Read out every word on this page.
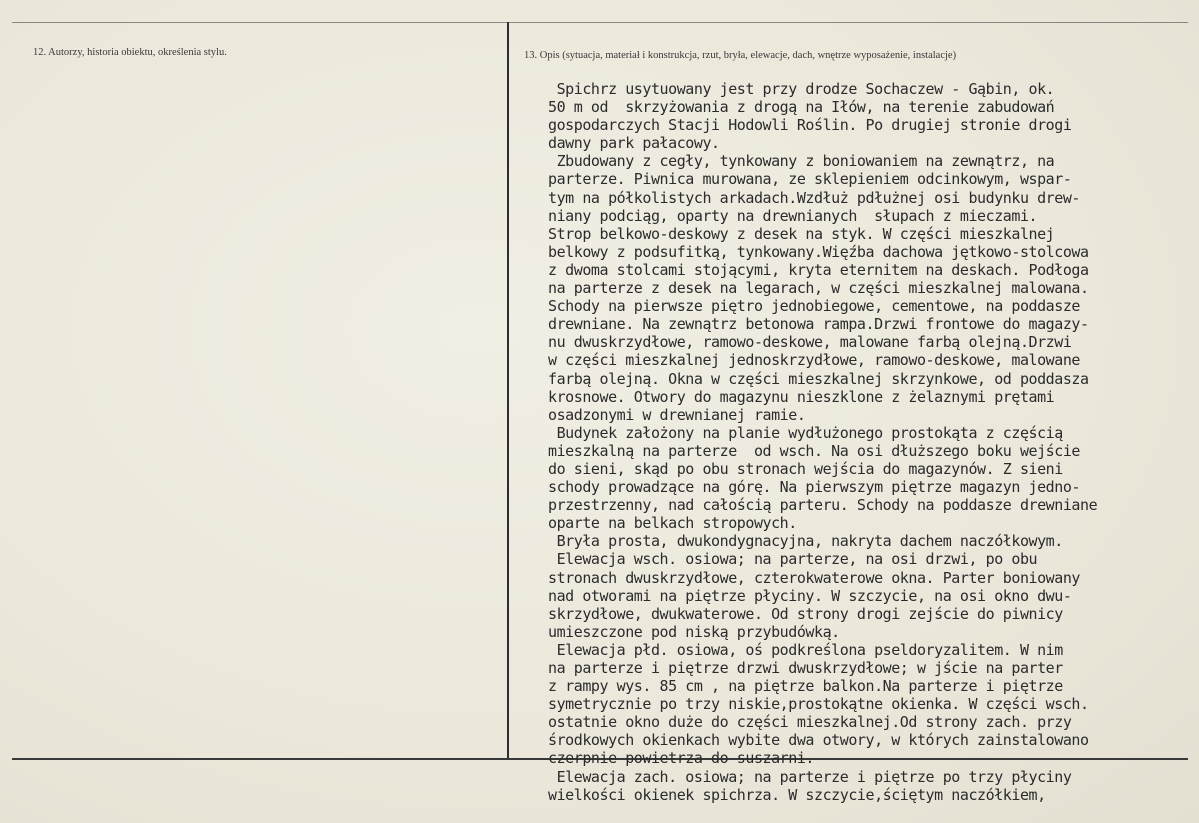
12. Autorzy, historia obiektu, określenia stylu.	13. Opis (sytuacja, materiał i konstrukcja, rzut, bryła, elewacje, dach, wnętrze wyposażenie, instalacje)
Spichrz usytuowany jest przy drodze Sochaczew - Gąbin, ok.
50 m od  skrzyżowania z drogą na Iłów, na terenie zabudowań
gospodarczych Stacji Hodowli Roślin. Po drugiej stronie drogi
dawny park pałacowy.
Zbudowany z cegły, tynkowany z boniowaniem na zewnątrz, na
parterze. Piwnica murowana, ze sklepieniem odcinkowym, wspar-
tym na półkolistych arkadach.Wzdłuż pdłużnej osi budynku drew-
niany podciąg, oparty na drewnianych  słupach z mieczami.
Strop belkowo-deskowy z desek na styk. W części mieszkalnej
belkowy z podsufitką, tynkowany.Więźba dachowa jętkowo-stolcowa
z dwoma stolcami stojącymi, kryta eternitem na deskach. Podłoga
na parterze z desek na legarach, w części mieszkalnej malowana.
Schody na pierwsze piętro jednobiegowe, cementowe, na poddasze
drewniane. Na zewnątrz betonowa rampa.Drzwi frontowe do magazy-
nu dwuskrzydłowe, ramowo-deskowe, malowane farbą olejną.Drzwi
w części mieszkalnej jednoskrzydłowe, ramowo-deskowe, malowane
farbą olejną. Okna w części mieszkalnej skrzynkowe, od poddasza
krosnowe. Otwory do magazynu nieszklone z żelaznymi prętami
osadzonymi w drewnianej ramie.
Budynek założony na planie wydłużonego prostokąta z częścią
mieszkalną na parterze  od wsch. Na osi dłuższego boku wejście
do sieni, skąd po obu stronach wejścia do magazynów. Z sieni
schody prowadzące na górę. Na pierwszym piętrze magazyn jedno-
przestrzenny, nad całością parteru. Schody na poddasze drewniane
oparte na belkach stropowych.
Bryła prosta, dwukondygnacyjna, nakryta dachem naczółkowym.
Elewacja wsch. osiowa; na parterze, na osi drzwi, po obu
stronach dwuskrzydłowe, czterokwaterowe okna. Parter boniowany
nad otworami na piętrze płyciny. W szczycie, na osi okno dwu-
skrzydłowe, dwukwaterowe. Od strony drogi zejście do piwnicy
umieszczone pod niską przybudówką.
Elewacja płd. osiowa, oś podkreślona pseldoryzalitem. W nim
na parterze i piętrze drzwi dwuskrzydłowe; w jście na parter
z rampy wys. 85 cm , na piętrze balkon.Na parterze i piętrze
symetrycznie po trzy niskie,prostokątne okienka. W części wsch.
ostatnie okno duże do części mieszkalnej.Od strony zach. przy
środkowych okienkach wybite dwa otwory, w których zainstalowano
czerpnie powietrza do suszarni.
Elewacja zach. osiowa; na parterze i piętrze po trzy płyciny
wielkości okienek spichrza. W szczycie,ściętym naczółkiem,
